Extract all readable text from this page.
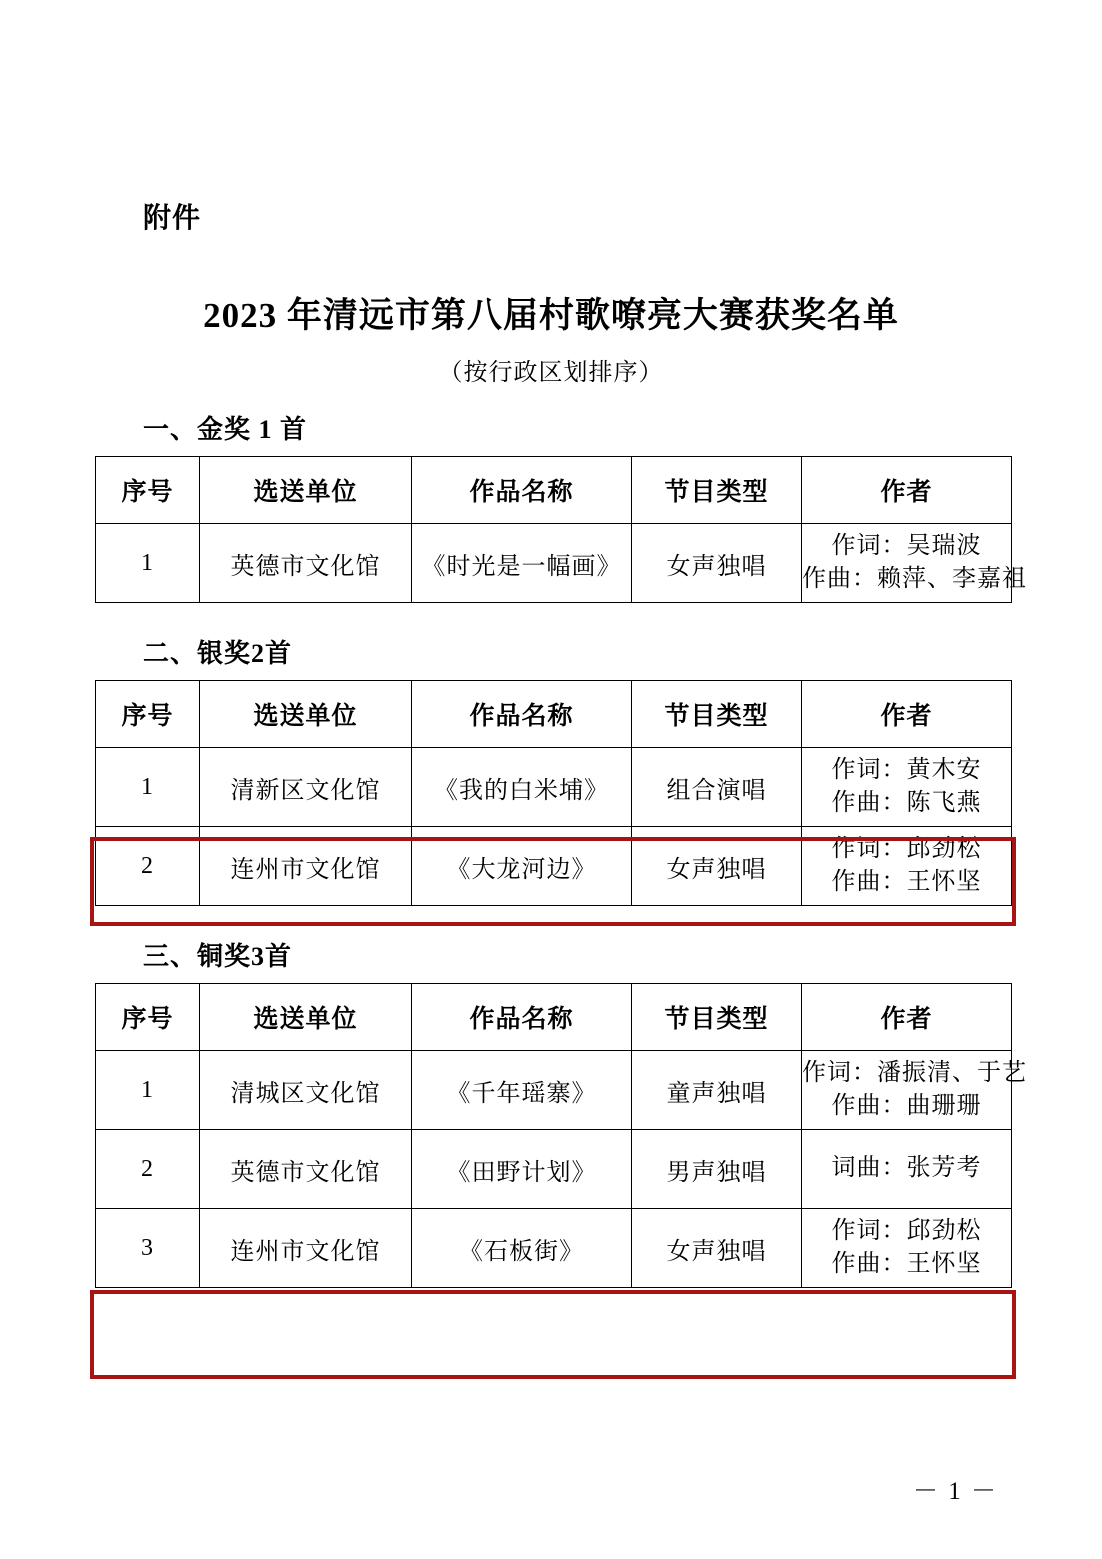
附件
2023 年清远市第八届村歌嘹亮大赛获奖名单
（按行政区划排序）
一、金奖 1 首
序号	选送单位	作品名称	节目类型	作者
1	英德市文化馆	《时光是一幅画》	女声独唱	作词：吴瑞波
作曲：赖萍、李嘉祖
二、银奖2首
序号	选送单位	作品名称	节目类型	作者
1	清新区文化馆	《我的白米埔》	组合演唱	作词：黄木安
作曲：陈飞燕

2	连州市文化馆	《大龙河边》	女声独唱	作词：邱劲松
作曲：王怀坚
三、铜奖3首
序号	选送单位	作品名称	节目类型	作者
1	清城区文化馆	《千年瑶寨》	童声独唱	作词：潘振清、于艺
作曲：曲珊珊

2	英德市文化馆	《田野计划》	男声独唱	词曲：张芳考

3	连州市文化馆	《石板街》	女声独唱	作词：邱劲松
作曲：王怀坚
－ 1 －
